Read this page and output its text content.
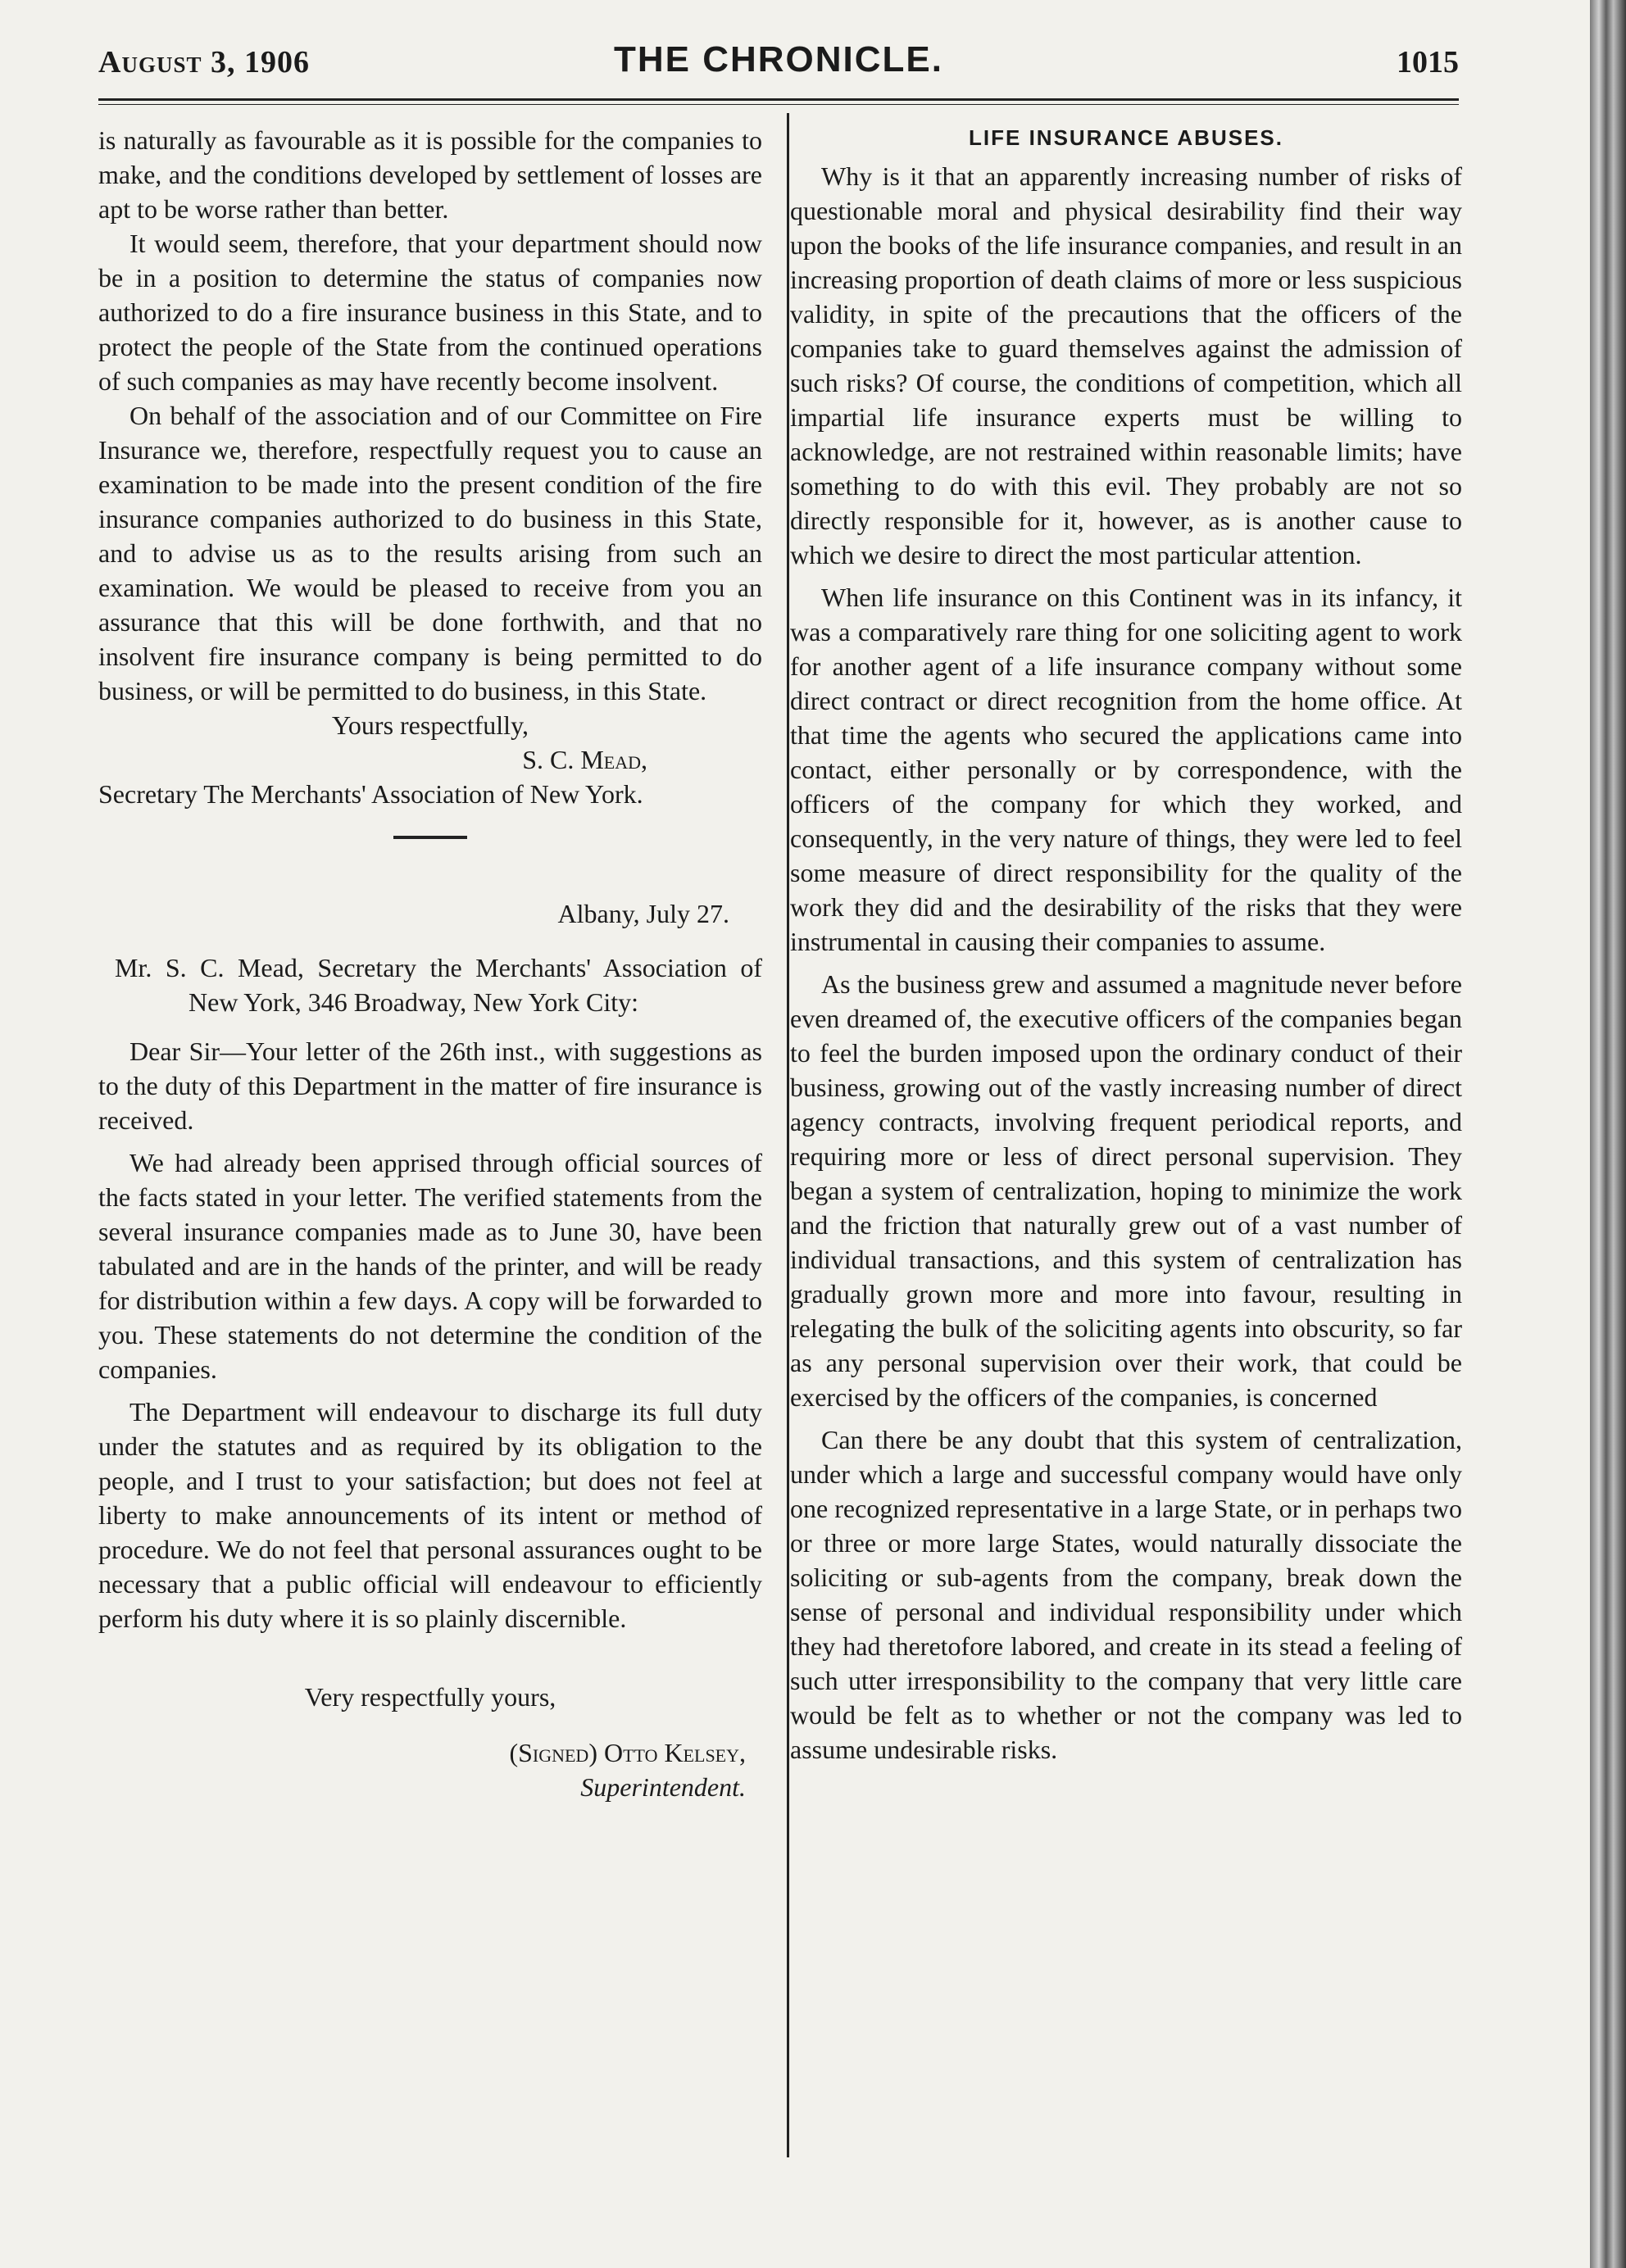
August 3, 1906	THE CHRONICLE.	1015

is naturally as favourable as it is possible for the companies to make, and the conditions developed by settlement of losses are apt to be worse rather than better.

It would seem, therefore, that your department should now be in a position to determine the status of companies now authorized to do a fire insurance business in this State, and to protect the people of the State from the continued operations of such companies as may have recently become insolvent.

On behalf of the association and of our Committee on Fire Insurance we, therefore, respectfully request you to cause an examination to be made into the present condition of the fire insurance companies authorized to do business in this State, and to advise us as to the results arising from such an examination. We would be pleased to receive from you an assurance that this will be done forthwith, and that no insolvent fire insurance company is being permitted to do business, or will be permitted to do business, in this State.

Yours respectfully,

S. C. Mead,

Secretary The Merchants' Association of New York.

Albany, July 27.

Mr. S. C. Mead, Secretary the Merchants' Association of New York, 346 Broadway, New York City:

Dear Sir—Your letter of the 26th inst., with suggestions as to the duty of this Department in the matter of fire insurance is received.

We had already been apprised through official sources of the facts stated in your letter. The verified statements from the several insurance companies made as to June 30, have been tabulated and are in the hands of the printer, and will be ready for distribution within a few days. A copy will be forwarded to you. These statements do not determine the condition of the companies.

The Department will endeavour to discharge its full duty under the statutes and as required by its obligation to the people, and I trust to your satisfaction; but does not feel at liberty to make announcements of its intent or method of procedure. We do not feel that personal assurances ought to be necessary that a public official will endeavour to efficiently perform his duty where it is so plainly discernible.

Very respectfully yours,

(Signed) Otto Kelsey,

Superintendent.

LIFE INSURANCE ABUSES.

Why is it that an apparently increasing number of risks of questionable moral and physical desirability find their way upon the books of the life insurance companies, and result in an increasing proportion of death claims of more or less suspicious validity, in spite of the precautions that the officers of the companies take to guard themselves against the admission of such risks? Of course, the conditions of competition, which all impartial life insurance experts must be willing to acknowledge, are not restrained within reasonable limits; have something to do with this evil. They probably are not so directly responsible for it, however, as is another cause to which we desire to direct the most particular attention.

When life insurance on this Continent was in its infancy, it was a comparatively rare thing for one soliciting agent to work for another agent of a life insurance company without some direct contract or direct recognition from the home office. At that time the agents who secured the applications came into contact, either personally or by correspondence, with the officers of the company for which they worked, and consequently, in the very nature of things, they were led to feel some measure of direct responsibility for the quality of the work they did and the desirability of the risks that they were instrumental in causing their companies to assume.

As the business grew and assumed a magnitude never before even dreamed of, the executive officers of the companies began to feel the burden imposed upon the ordinary conduct of their business, growing out of the vastly increasing number of direct agency contracts, involving frequent periodical reports, and requiring more or less of direct personal supervision. They began a system of centralization, hoping to minimize the work and the friction that naturally grew out of a vast number of individual transactions, and this system of centralization has gradually grown more and more into favour, resulting in relegating the bulk of the soliciting agents into obscurity, so far as any personal supervision over their work, that could be exercised by the officers of the companies, is concerned

Can there be any doubt that this system of centralization, under which a large and successful company would have only one recognized representative in a large State, or in perhaps two or three or more large States, would naturally dissociate the soliciting or sub-agents from the company, break down the sense of personal and individual responsibility under which they had theretofore labored, and create in its stead a feeling of such utter irresponsibility to the company that very little care would be felt as to whether or not the company was led to assume undesirable risks.
